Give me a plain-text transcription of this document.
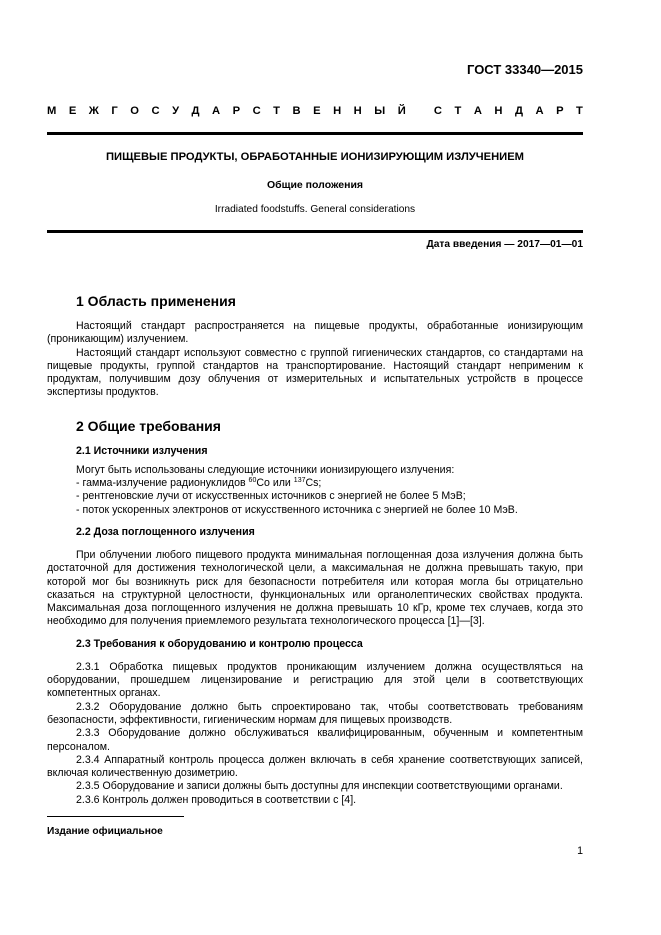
ГОСТ 33340—2015
М Е Ж Г О С У Д А Р С Т В Е Н Н Ы Й
	С Т А Н Д А Р Т
ПИЩЕВЫЕ ПРОДУКТЫ, ОБРАБОТАННЫЕ ИОНИЗИРУЮЩИМ ИЗЛУЧЕНИЕМ
Общие положения
Irradiated foodstuffs. General considerations
Дата введения — 2017—01—01
1 Область применения

Настоящий стандарт распространяется на пищевые продукты, обработанные ионизирующим (проникающим) излучением.

Настоящий стандарт используют совместно с группой гигиенических стандартов, со стандартами на пищевые продукты, группой стандартов на транспортирование. Настоящий стандарт неприменим к продуктам, получившим дозу облучения от измерительных и испытательных устройств в процессе экспертизы продуктов.

2 Общие требования
2.1 Источники излучения

Могут быть использованы следующие источники ионизирующего излучения:

- гамма-излучение радионуклидов $^{60}$Co или $^{137}$Cs;

- рентгеновские лучи от искусственных источников с энергией не более 5 МэВ;

- поток ускоренных электронов от искусственного источника с энергией не более 10 МэВ.

2.2 Доза поглощенного излучения

При облучении любого пищевого продукта минимальная поглощенная доза излучения должна быть достаточной для достижения технологической цели, а максимальная не должна превышать такую, при которой мог бы возникнуть риск для безопасности потребителя или которая могла бы отрицательно сказаться на структурной целостности, функциональных или органолептических свойствах продукта. Максимальная доза поглощенного излучения не должна превышать 10 кГр, кроме тех случаев, когда это необходимо для получения приемлемого результата технологического процесса [1]—[3].

2.3 Требования к оборудованию и контролю процесса

2.3.1 Обработка пищевых продуктов проникающим излучением должна осуществляться на оборудовании, прошедшем лицензирование и регистрацию для этой цели в соответствующих компетентных органах.

2.3.2 Оборудование должно быть спроектировано так, чтобы соответствовать требованиям безопасности, эффективности, гигиеническим нормам для пищевых производств.

2.3.3 Оборудование должно обслуживаться квалифицированным, обученным и компетентным персоналом.

2.3.4 Аппаратный контроль процесса должен включать в себя хранение соответствующих записей, включая количественную дозиметрию.

2.3.5 Оборудование и записи должны быть доступны для инспекции соответствующими органами.

2.3.6 Контроль должен проводиться в соответствии с [4].

Издание официальное
1
